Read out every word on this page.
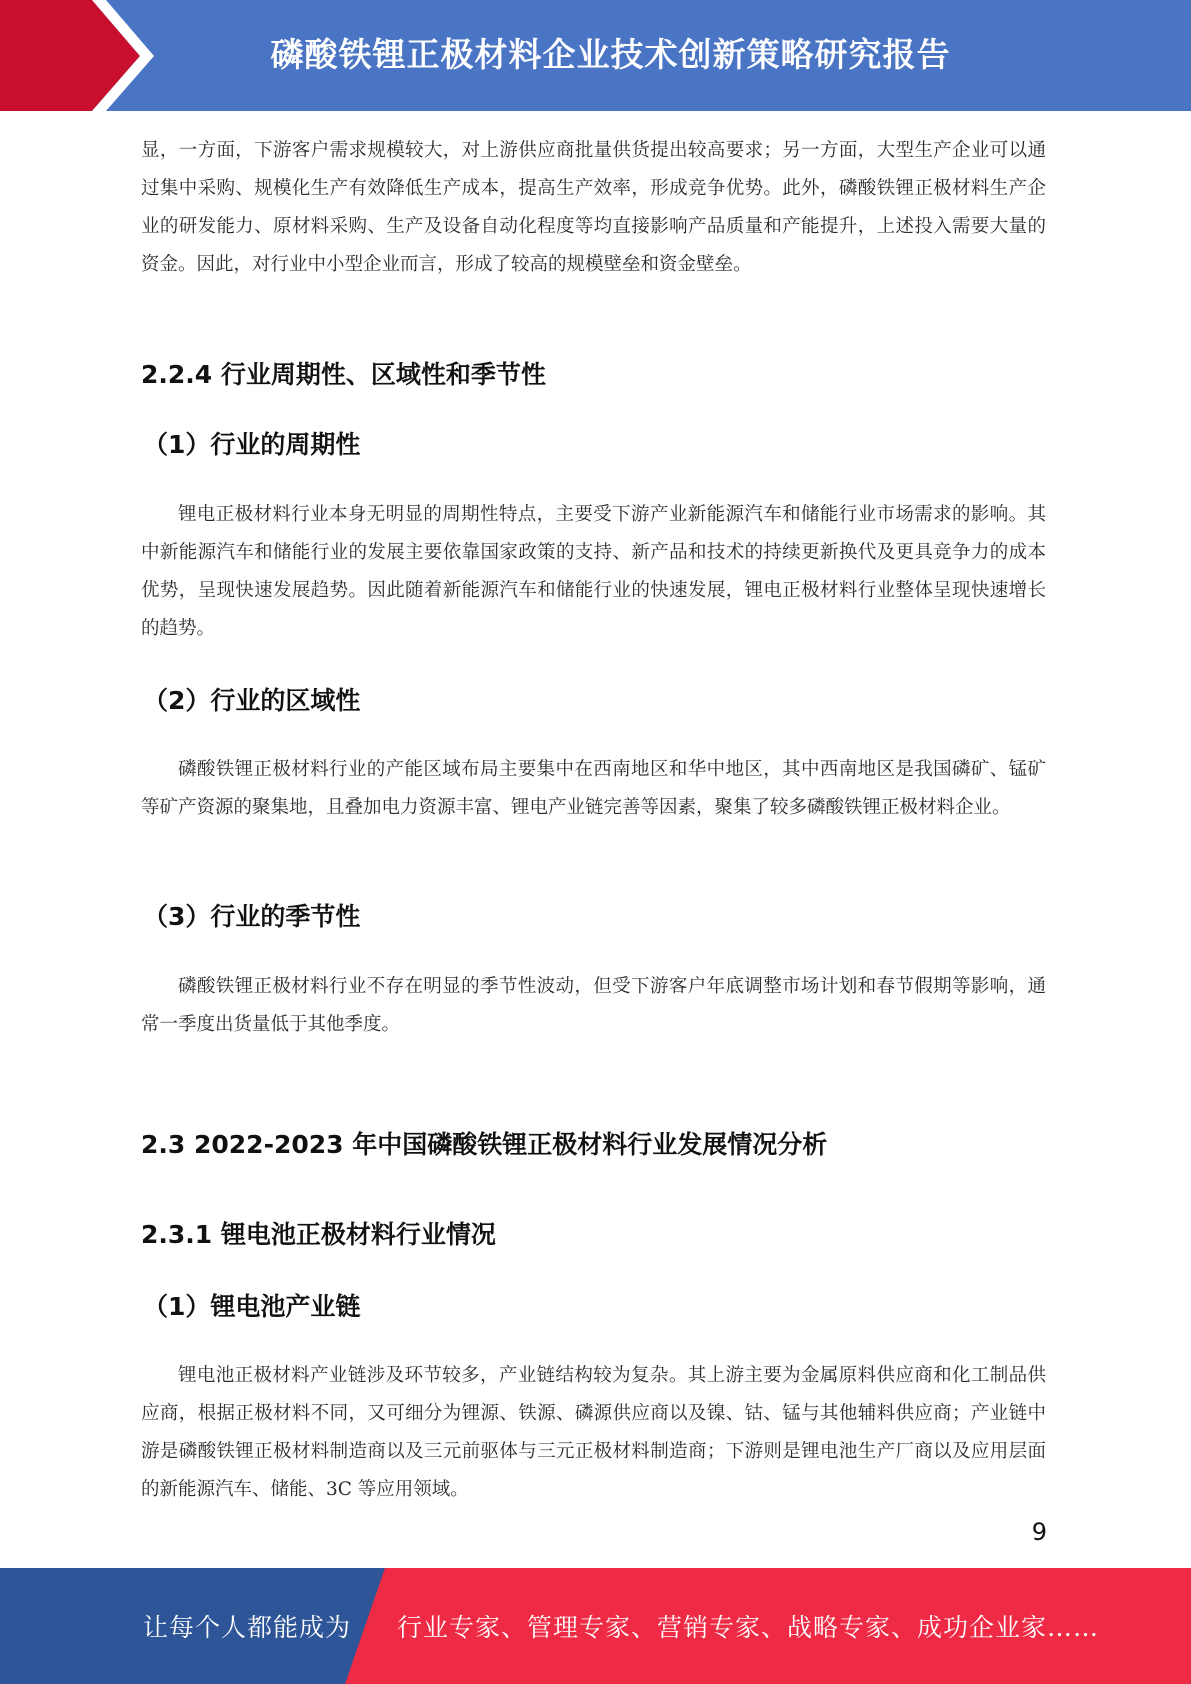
磷酸铁锂正极材料企业技术创新策略研究报告

显，一方面，下游客户需求规模较大，对上游供应商批量供货提出较高要求；另一方面，大型生产企业可以通过集中采购、规模化生产有效降低生产成本，提高生产效率，形成竞争优势。此外，磷酸铁锂正极材料生产企业的研发能力、原材料采购、生产及设备自动化程度等均直接影响产品质量和产能提升，上述投入需要大量的资金。因此，对行业中小型企业而言，形成了较高的规模壁垒和资金壁垒。

2.2.4 行业周期性、区域性和季节性
（1）行业的周期性

锂电正极材料行业本身无明显的周期性特点，主要受下游产业新能源汽车和储能行业市场需求的影响。其中新能源汽车和储能行业的发展主要依靠国家政策的支持、新产品和技术的持续更新换代及更具竞争力的成本优势，呈现快速发展趋势。因此随着新能源汽车和储能行业的快速发展，锂电正极材料行业整体呈现快速增长的趋势。

（2）行业的区域性

磷酸铁锂正极材料行业的产能区域布局主要集中在西南地区和华中地区，其中西南地区是我国磷矿、锰矿等矿产资源的聚集地，且叠加电力资源丰富、锂电产业链完善等因素，聚集了较多磷酸铁锂正极材料企业。

（3）行业的季节性

磷酸铁锂正极材料行业不存在明显的季节性波动，但受下游客户年底调整市场计划和春节假期等影响，通常一季度出货量低于其他季度。

2.3 2022-2023 年中国磷酸铁锂正极材料行业发展情况分析
2.3.1 锂电池正极材料行业情况
（1）锂电池产业链

锂电池正极材料产业链涉及环节较多，产业链结构较为复杂。其上游主要为金属原料供应商和化工制品供应商，根据正极材料不同，又可细分为锂源、铁源、磷源供应商以及镍、钴、锰与其他辅料供应商；产业链中游是磷酸铁锂正极材料制造商以及三元前驱体与三元正极材料制造商；下游则是锂电池生产厂商以及应用层面的新能源汽车、储能、3C 等应用领域。

9
让每个人都能成为 行业专家、管理专家、营销专家、战略专家、成功企业家……
